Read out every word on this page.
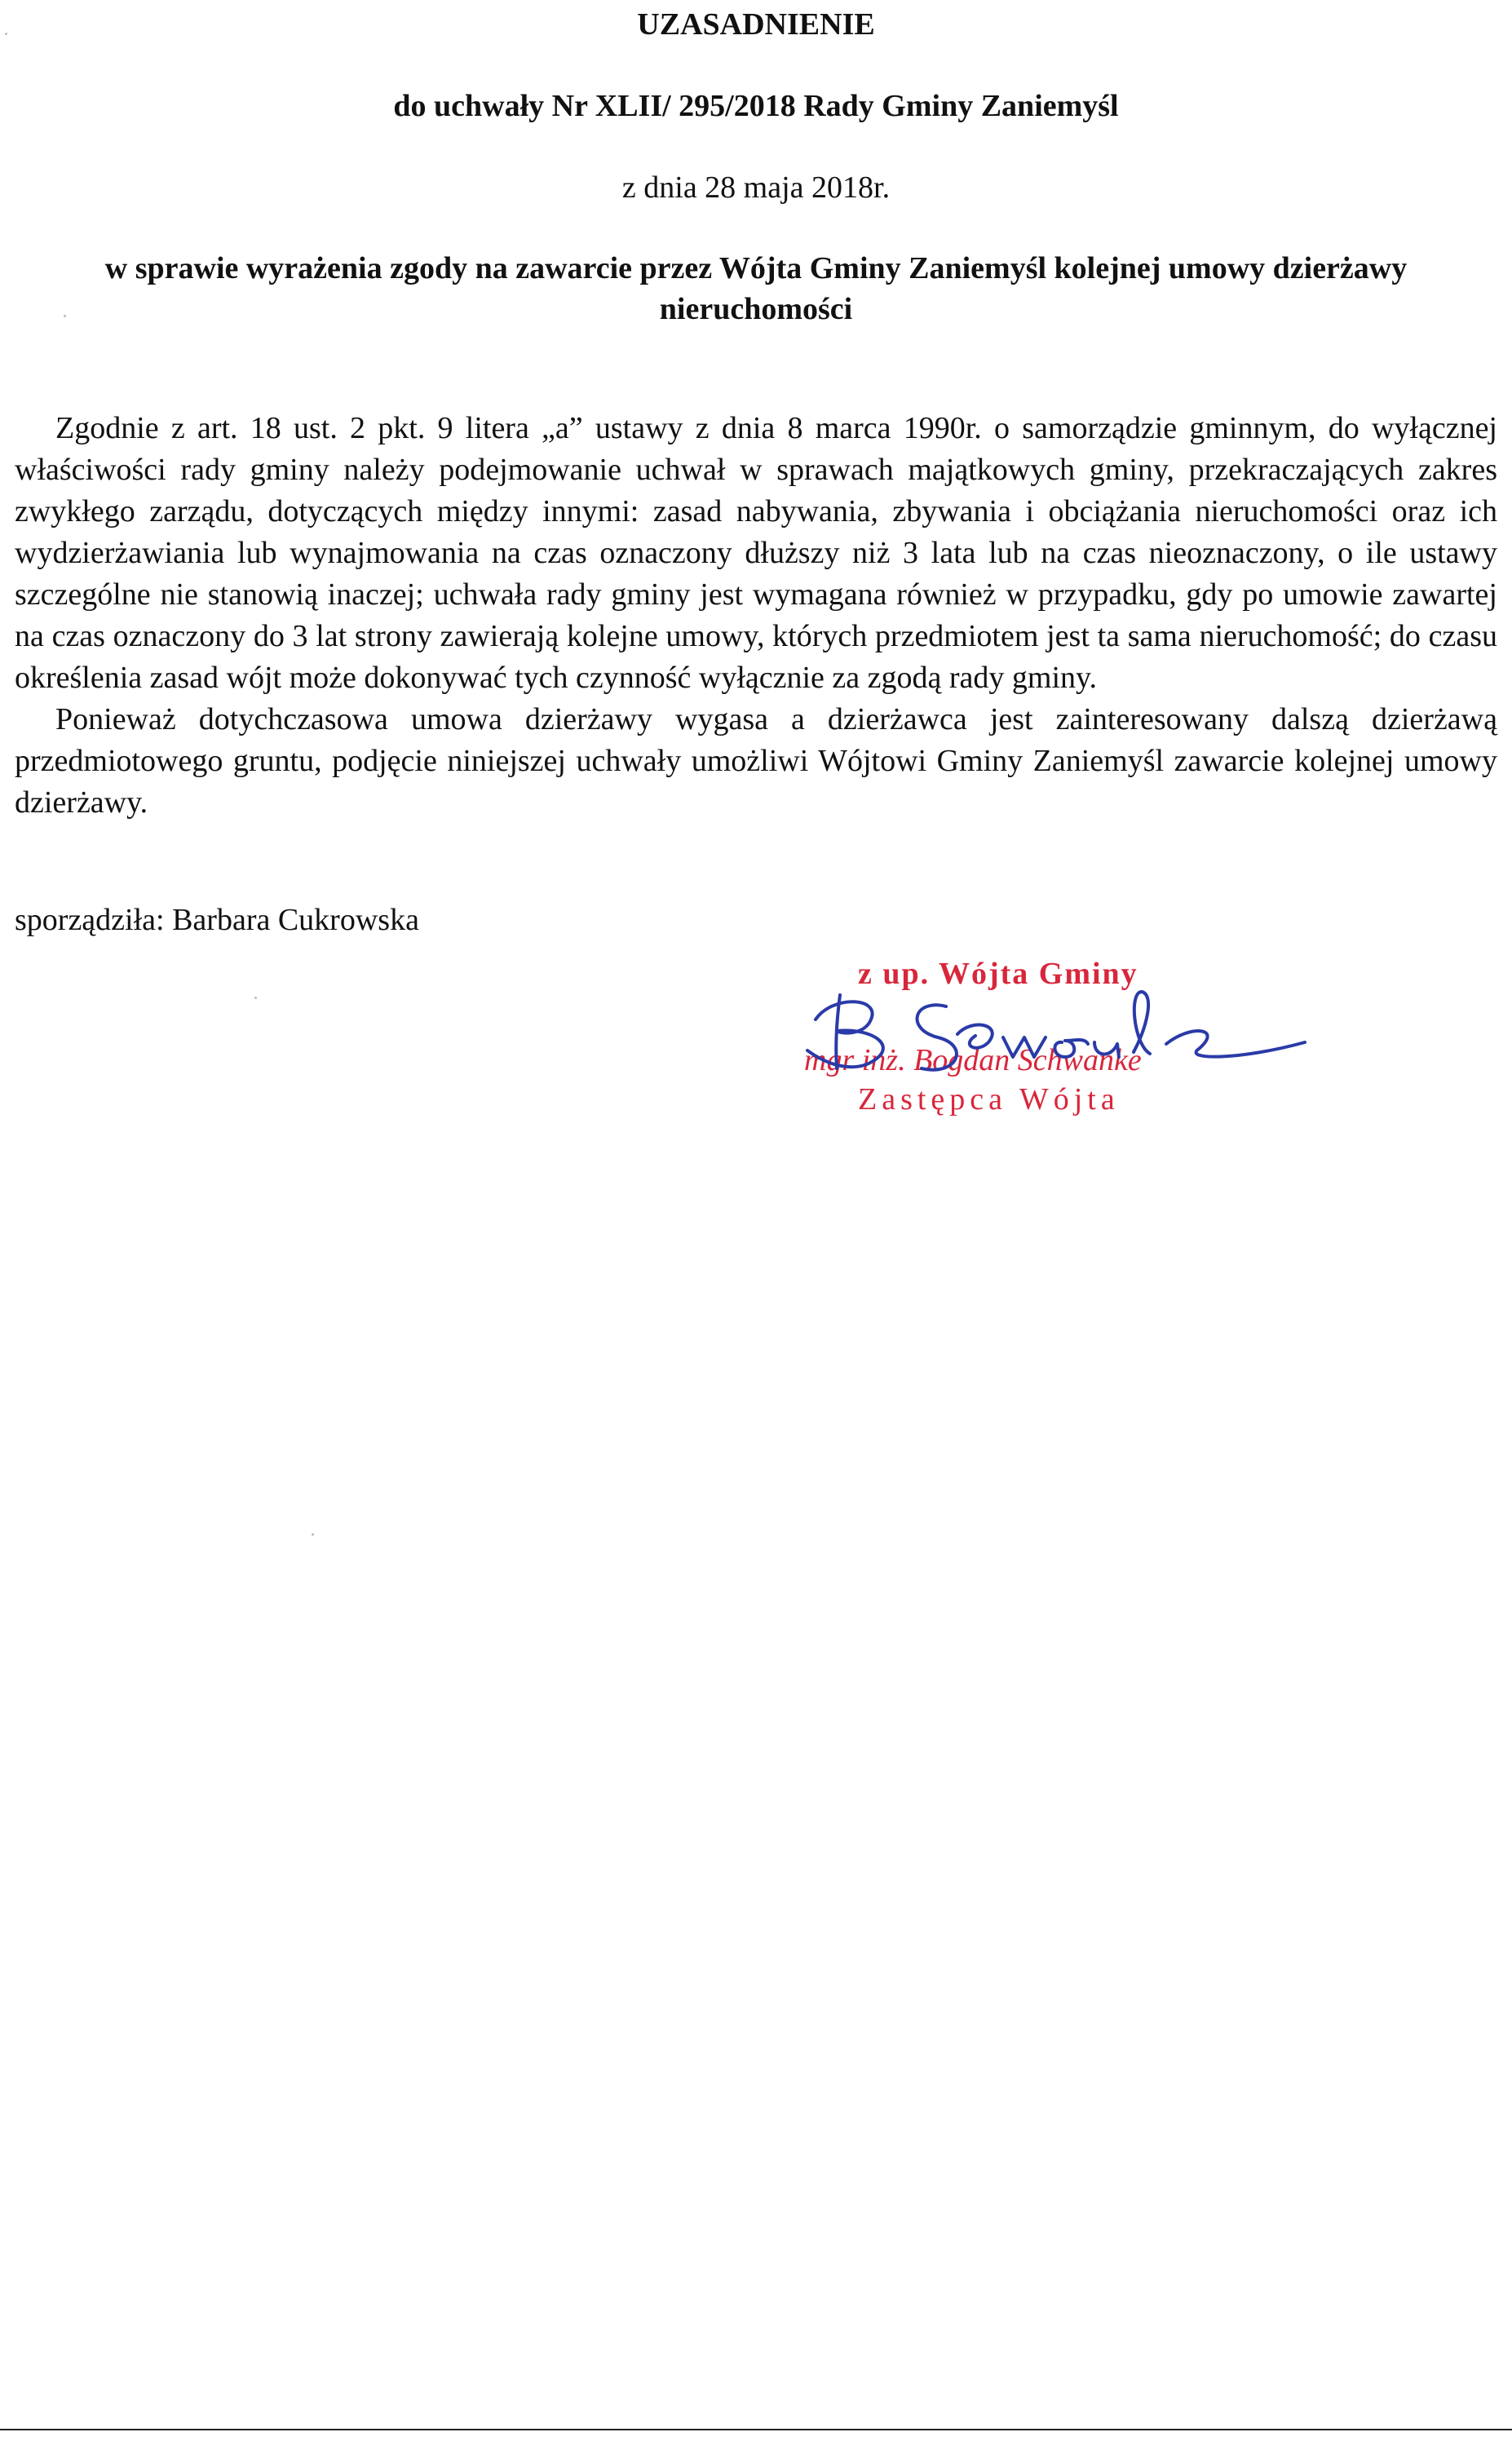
UZASADNIENIE
do uchwały Nr XLII/ 295/2018 Rady Gminy Zaniemyśl

z dnia 28 maja 2018r.

w sprawie wyrażenia zgody na zawarcie przez Wójta Gminy Zaniemyśl kolejnej umowy dzierżawy nieruchomości

Zgodnie z art. 18 ust. 2 pkt. 9 litera „a” ustawy z dnia 8 marca 1990r. o samorządzie gminnym, do wyłącznej właściwości rady gminy należy podejmowanie uchwał w sprawach majątkowych gminy, przekraczających zakres zwykłego zarządu, dotyczących między innymi: zasad nabywania, zbywania i obciążania nieruchomości oraz ich wydzierżawiania lub wynajmowania na czas oznaczony dłuższy niż 3 lata lub na czas nieoznaczony, o ile ustawy szczególne nie stanowią inaczej; uchwała rady gminy jest wymagana również w przypadku, gdy po umowie zawartej na czas oznaczony do 3 lat strony zawierają kolejne umowy, których przedmiotem jest ta sama nieruchomość; do czasu określenia zasad wójt może dokonywać tych czynność wyłącznie za zgodą rady gminy.

Ponieważ dotychczasowa umowa dzierżawy wygasa a dzierżawca jest zainteresowany dalszą dzierżawą przedmiotowego gruntu, podjęcie niniejszej uchwały umożliwi Wójtowi Gminy Zaniemyśl zawarcie kolejnej umowy dzierżawy.

sporządziła: Barbara Cukrowska

z up. Wójta Gminy

mgr inż. Bogdan Schwanke

Zastępca Wójta
